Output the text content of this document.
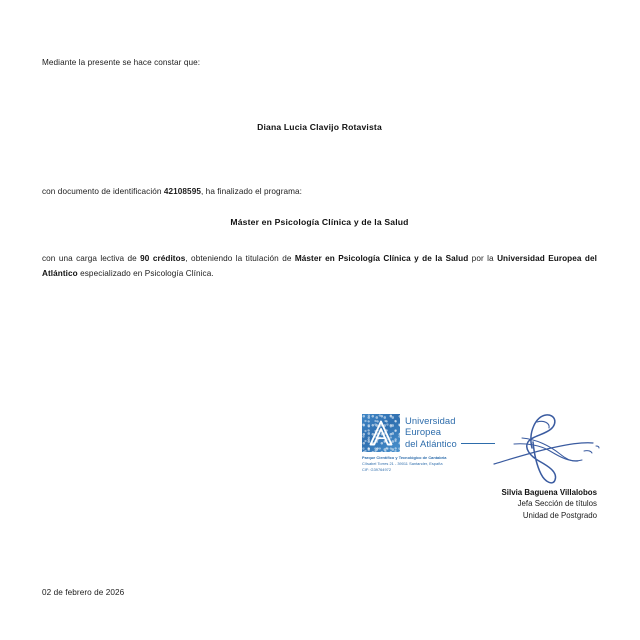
Mediante la presente se hace constar que:
Diana Lucia Clavijo Rotavista
con documento de identificación 42108595, ha finalizado el programa:
Máster en Psicología Clínica y de la Salud
con una carga lectiva de 90 créditos, obteniendo la titulación de Máster en Psicología Clínica y de la Salud por la Universidad Europea del Atlántico especializado en Psicología Clínica.
Universidad
Europea
del Atlántico
Parque Científico y Tecnológico de Cantabria
C/Isabel Torres 21 - 39011 Santander, España
CIF: G39764972
Silvia Baguena Villalobos
Jefa Sección de títulos
Unidad de Postgrado
02 de febrero de 2026
